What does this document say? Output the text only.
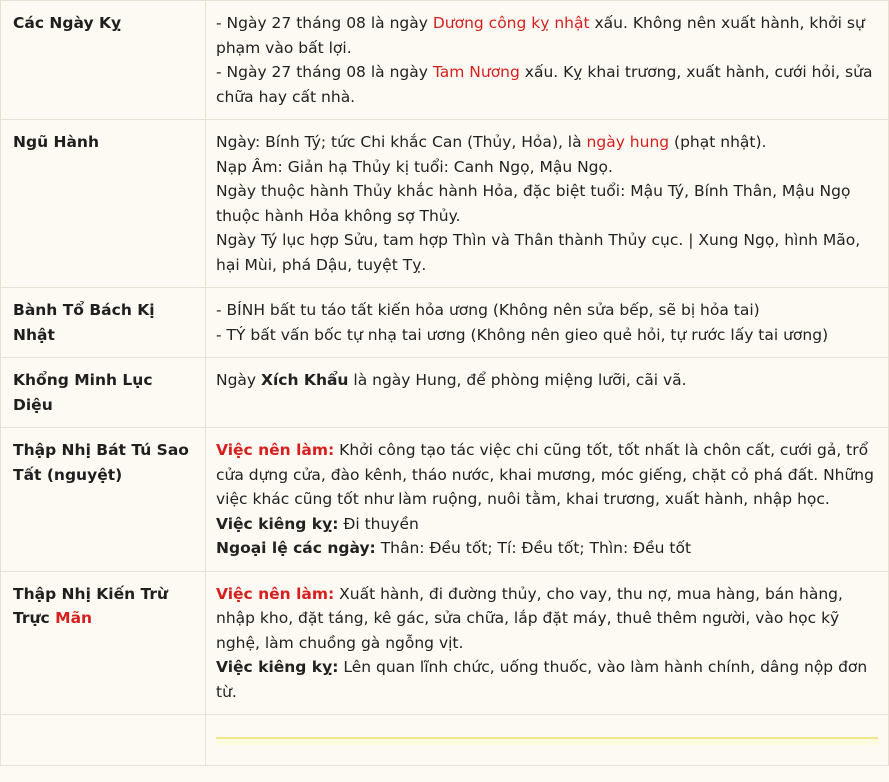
Các Ngày Kỵ	- Ngày 27 tháng 08 là ngày Dương công kỵ nhật xấu. Không nên xuất hành, khởi sự phạm vào bất lợi.
- Ngày 27 tháng 08 là ngày Tam Nương xấu. Kỵ khai trương, xuất hành, cưới hỏi, sửa chữa hay cất nhà.

Ngũ Hành	Ngày: Bính Tý; tức Chi khắc Can (Thủy, Hỏa), là ngày hung (phạt nhật).
Nạp Âm: Giản hạ Thủy kị tuổi: Canh Ngọ, Mậu Ngọ.
Ngày thuộc hành Thủy khắc hành Hỏa, đặc biệt tuổi: Mậu Tý, Bính Thân, Mậu Ngọ thuộc hành Hỏa không sợ Thủy.
Ngày Tý lục hợp Sửu, tam hợp Thìn và Thân thành Thủy cục. | Xung Ngọ, hình Mão, hại Mùi, phá Dậu, tuyệt Tỵ.

Bành Tổ Bách Kị Nhật	- BÍNH bất tu táo tất kiến hỏa ương (Không nên sửa bếp, sẽ bị hỏa tai)
- TÝ bất vấn bốc tự nhạ tai ương (Không nên gieo quẻ hỏi, tự rước lấy tai ương)

Khổng Minh Lục Diệu	Ngày Xích Khẩu là ngày Hung, để phòng miệng lưỡi, cãi vã.

Thập Nhị Bát Tú Sao Tất (nguyệt)	Việc nên làm: Khởi công tạo tác việc chi cũng tốt, tốt nhất là chôn cất, cưới gả, trổ cửa dựng cửa, đào kênh, tháo nước, khai mương, móc giếng, chặt cỏ phá đất. Những việc khác cũng tốt như làm ruộng, nuôi tằm, khai trương, xuất hành, nhập học.
Việc kiêng kỵ: Đi thuyền
Ngoại lệ các ngày: Thân: Đều tốt; Tí: Đều tốt; Thìn: Đều tốt

Thập Nhị Kiến Trừ Trực Mãn	Việc nên làm: Xuất hành, đi đường thủy, cho vay, thu nợ, mua hàng, bán hàng, nhập kho, đặt táng, kê gác, sửa chữa, lắp đặt máy, thuê thêm người, vào học kỹ nghệ, làm chuồng gà ngỗng vịt.
Việc kiêng kỵ: Lên quan lĩnh chức, uống thuốc, vào làm hành chính, dâng nộp đơn từ.
